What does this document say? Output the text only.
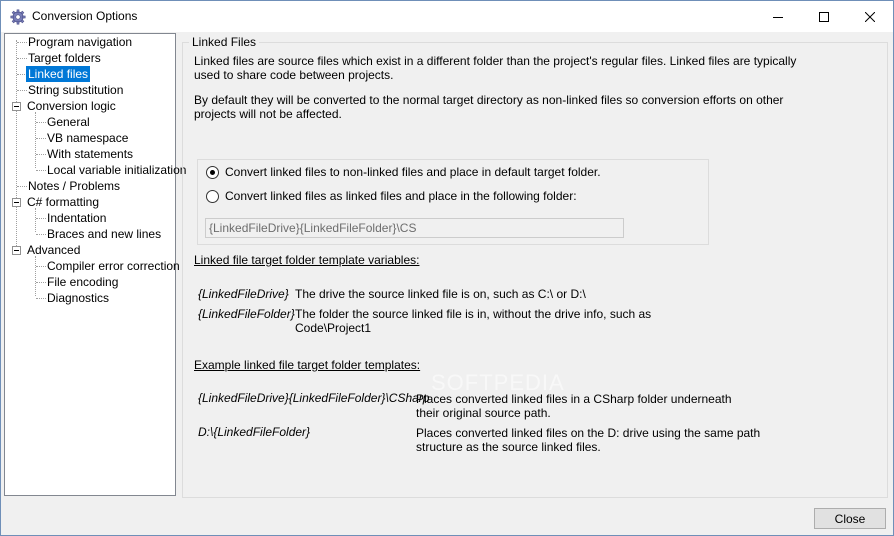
Conversion Options
Program navigation
Target folders
Linked files
String substitution
Conversion logic
General
VB namespace
With statements
Local variable initialization
Notes / Problems
C# formatting
Indentation
Braces and new lines
Advanced
Compiler error correction
File encoding
Diagnostics
Linked Files
Linked files are source files which exist in a different folder than the project's regular files. Linked files are typically
used to share code between projects.
By default they will be converted to the normal target directory as non-linked files so conversion efforts on other
projects will not be affected.
Convert linked files to non-linked files and place in default target folder.
Convert linked files as linked files and place in the following folder:
{LinkedFileDrive}{LinkedFileFolder}\CS
Linked file target folder template variables:
{LinkedFileDrive} The drive the source linked file is on, such as C:\ or D:\
{LinkedFileFolder} The folder the source linked file is in, without the drive info, such as
Code\Project1
Example linked file target folder templates:
{LinkedFileDrive}{LinkedFileFolder}\CSharp
Places converted linked files in a CSharp folder underneath
their original source path.
D:\{LinkedFileFolder}	Places converted linked files on the D: drive using the same path
structure as the source linked files.
SOFTPEDIA
Close
